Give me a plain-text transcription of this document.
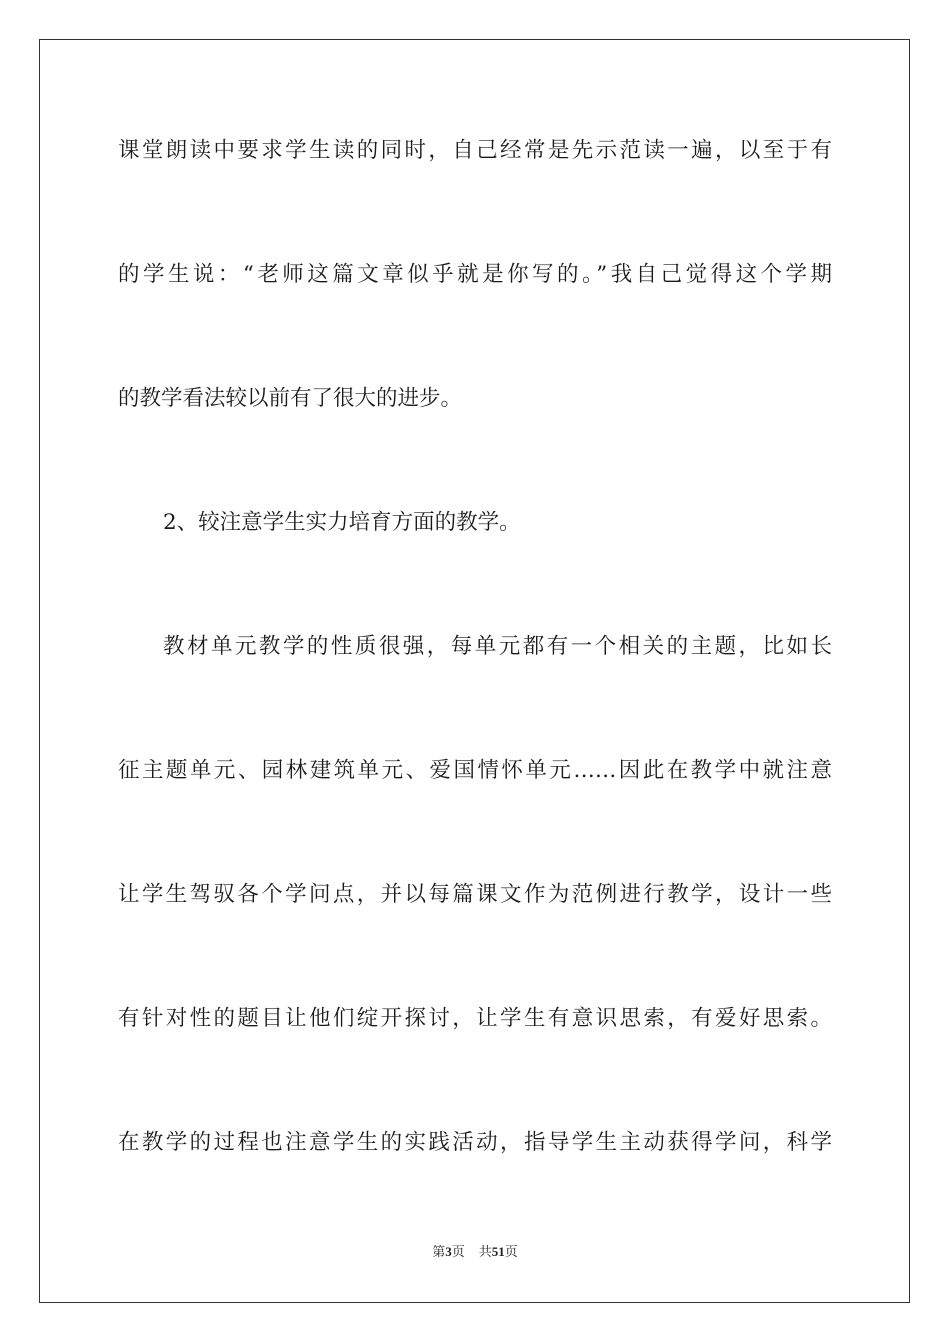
课堂朗读中要求学生读的同时，自己经常是先示范读一遍，以至于有
的学生说：“老师这篇文章似乎就是你写的。”我自己觉得这个学期
的教学看法较以前有了很大的进步。
2、较注意学生实力培育方面的教学。
教材单元教学的性质很强，每单元都有一个相关的主题，比如长
征主题单元、园林建筑单元、爱国情怀单元……因此在教学中就注意
让学生驾驭各个学问点，并以每篇课文作为范例进行教学，设计一些
有针对性的题目让他们绽开探讨，让学生有意识思索，有爱好思索。
在教学的过程也注意学生的实践活动，指导学生主动获得学问，科学
第3页 共51页
